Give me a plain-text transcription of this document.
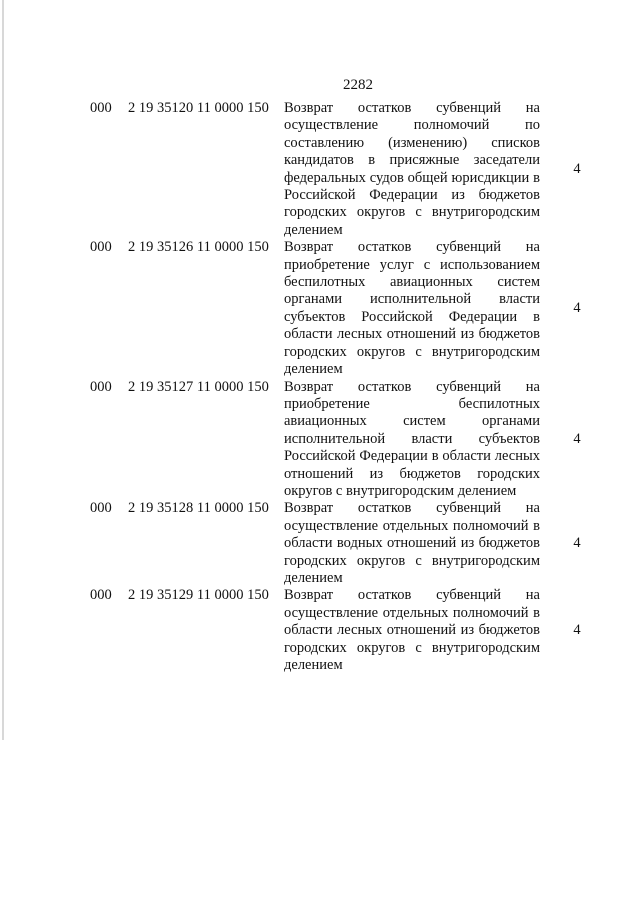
2282
000 2 19 35120 11 0000 150 Возврат остатков субвенций на осуществление полномочий по составлению (изменению) списков кандидатов в присяжные заседатели федеральных судов общей юрисдикции в Российской Федерации из бюджетов городских округов с внутригородским делением
4
000 2 19 35126 11 0000 150 Возврат остатков субвенций на приобретение услуг с использованием беспилотных авиационных систем органами исполнительной власти субъектов Российской Федерации в области лесных отношений из бюджетов городских округов с внутригородским делением
4
000 2 19 35127 11 0000 150 Возврат остатков субвенций на приобретение беспилотных авиационных систем органами исполнительной власти субъектов Российской Федерации в области лесных отношений из бюджетов городских округов с внутригородским делением
4
000 2 19 35128 11 0000 150 Возврат остатков субвенций на осуществление отдельных полномочий в области водных отношений из бюджетов городских округов с внутригородским делением
4
000 2 19 35129 11 0000 150 Возврат остатков субвенций на осуществление отдельных полномочий в области лесных отношений из бюджетов городских округов с внутригородским делением
4
